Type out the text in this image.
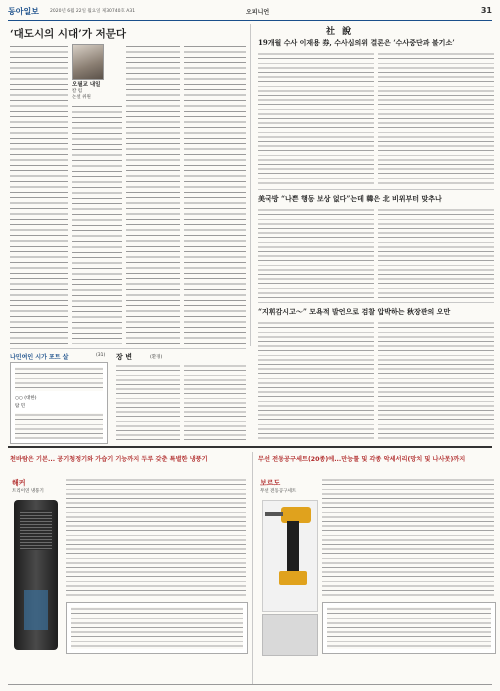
동아일보 2020년 6월 22일 월요일 제30740호 A31	오피니언	31
‘대도시의 시대’가 저문다
오필교 내일
칼 럼
논설 위원
社 說
19개월 수사 이재용 券, 수사심의위 결론은 ‘수사중단과 불기소’
美국방 “나쁜 행동 보상 없다”는데 韓은 北 비위부터 맞추나
“지휘감시고～” 모욕적 발언으로 검찰 압박하는 秋장관의 오만
나민여인 시가 포트 살	(31)
○○ (대한)
탐 민
장 변	(환경)
천바람은 기본... 공기청정기와 가습기 기능까지 두루 갖춘 특별한 냉풍기
해커
트리이연 냉풍기
무선 전동공구세트(20종)에...만능툴 및 각종 악세서리(망치 및 나사못)까지
보르도
무선 전동공구세트
